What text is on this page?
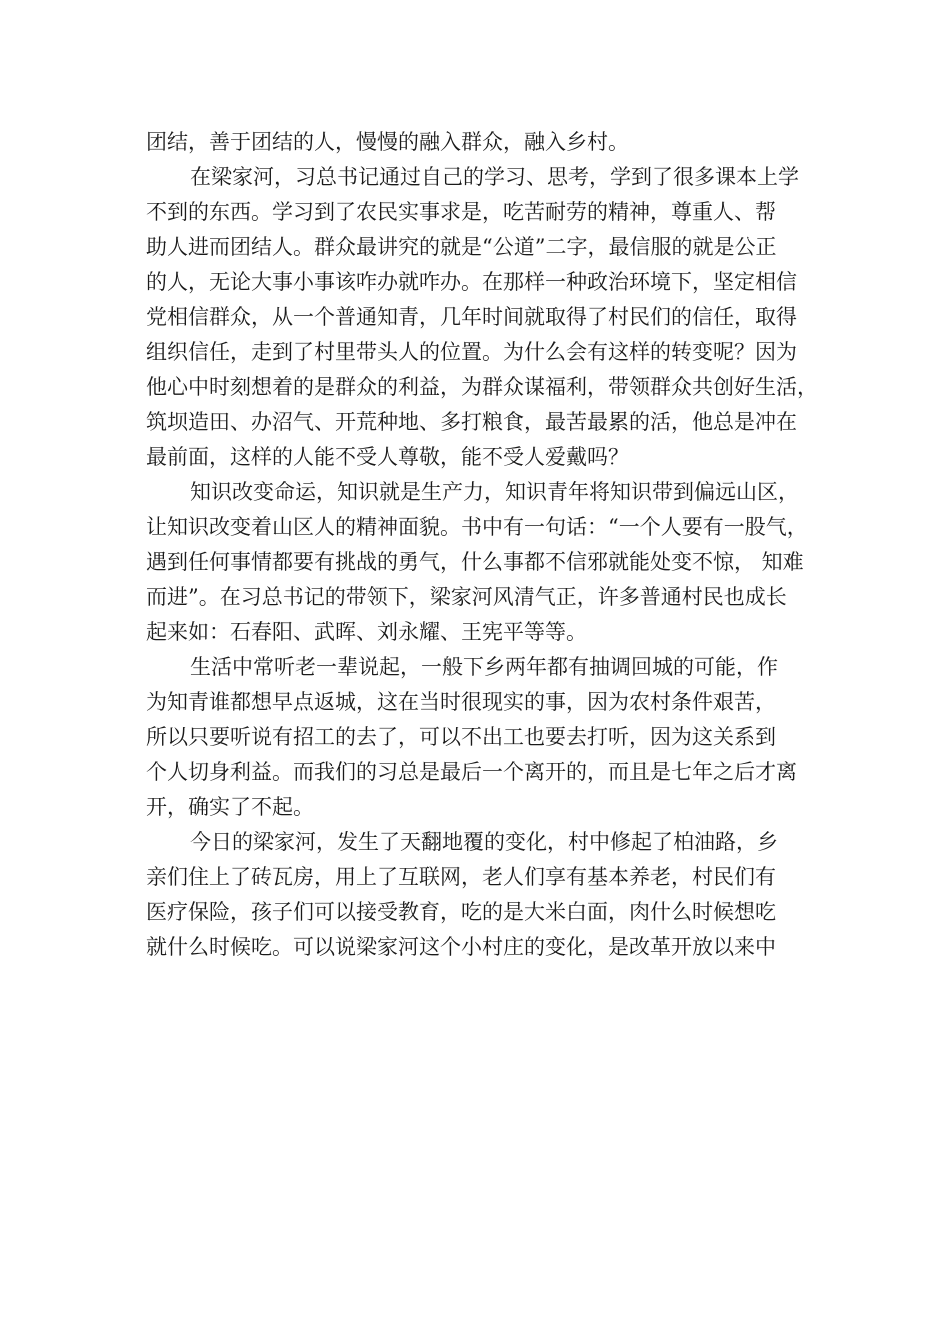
团结，善于团结的人，慢慢的融入群众，融入乡村。
在梁家河，习总书记通过自己的学习、思考，学到了很多课本上学
不到的东西。学习到了农民实事求是，吃苦耐劳的精神，尊重人、帮
助人进而团结人。群众最讲究的就是“公道”二字，最信服的就是公正
的人，无论大事小事该咋办就咋办。在那样一种政治环境下，坚定相信
党相信群众，从一个普通知青，几年时间就取得了村民们的信任，取得
组织信任，走到了村里带头人的位置。为什么会有这样的转变呢？因为
他心中时刻想着的是群众的利益，为群众谋福利，带领群众共创好生活，
筑坝造田、办沼气、开荒种地、多打粮食，最苦最累的活，他总是冲在
最前面，这样的人能不受人尊敬，能不受人爱戴吗？
知识改变命运，知识就是生产力，知识青年将知识带到偏远山区，
让知识改变着山区人的精神面貌。书中有一句话：“一个人要有一股气，
遇到任何事情都要有挑战的勇气，什么事都不信邪就能处变不惊， 知难
而进”。在习总书记的带领下，梁家河风清气正，许多普通村民也成长
起来如：石春阳、武晖、刘永耀、王宪平等等。
生活中常听老一辈说起，一般下乡两年都有抽调回城的可能，作
为知青谁都想早点返城，这在当时很现实的事，因为农村条件艰苦，
所以只要听说有招工的去了，可以不出工也要去打听，因为这关系到
个人切身利益。而我们的习总是最后一个离开的，而且是七年之后才离
开，确实了不起。
今日的梁家河，发生了天翻地覆的变化，村中修起了柏油路，乡
亲们住上了砖瓦房，用上了互联网，老人们享有基本养老，村民们有
医疗保险，孩子们可以接受教育，吃的是大米白面，肉什么时候想吃
就什么时候吃。可以说梁家河这个小村庄的变化，是改革开放以来中
